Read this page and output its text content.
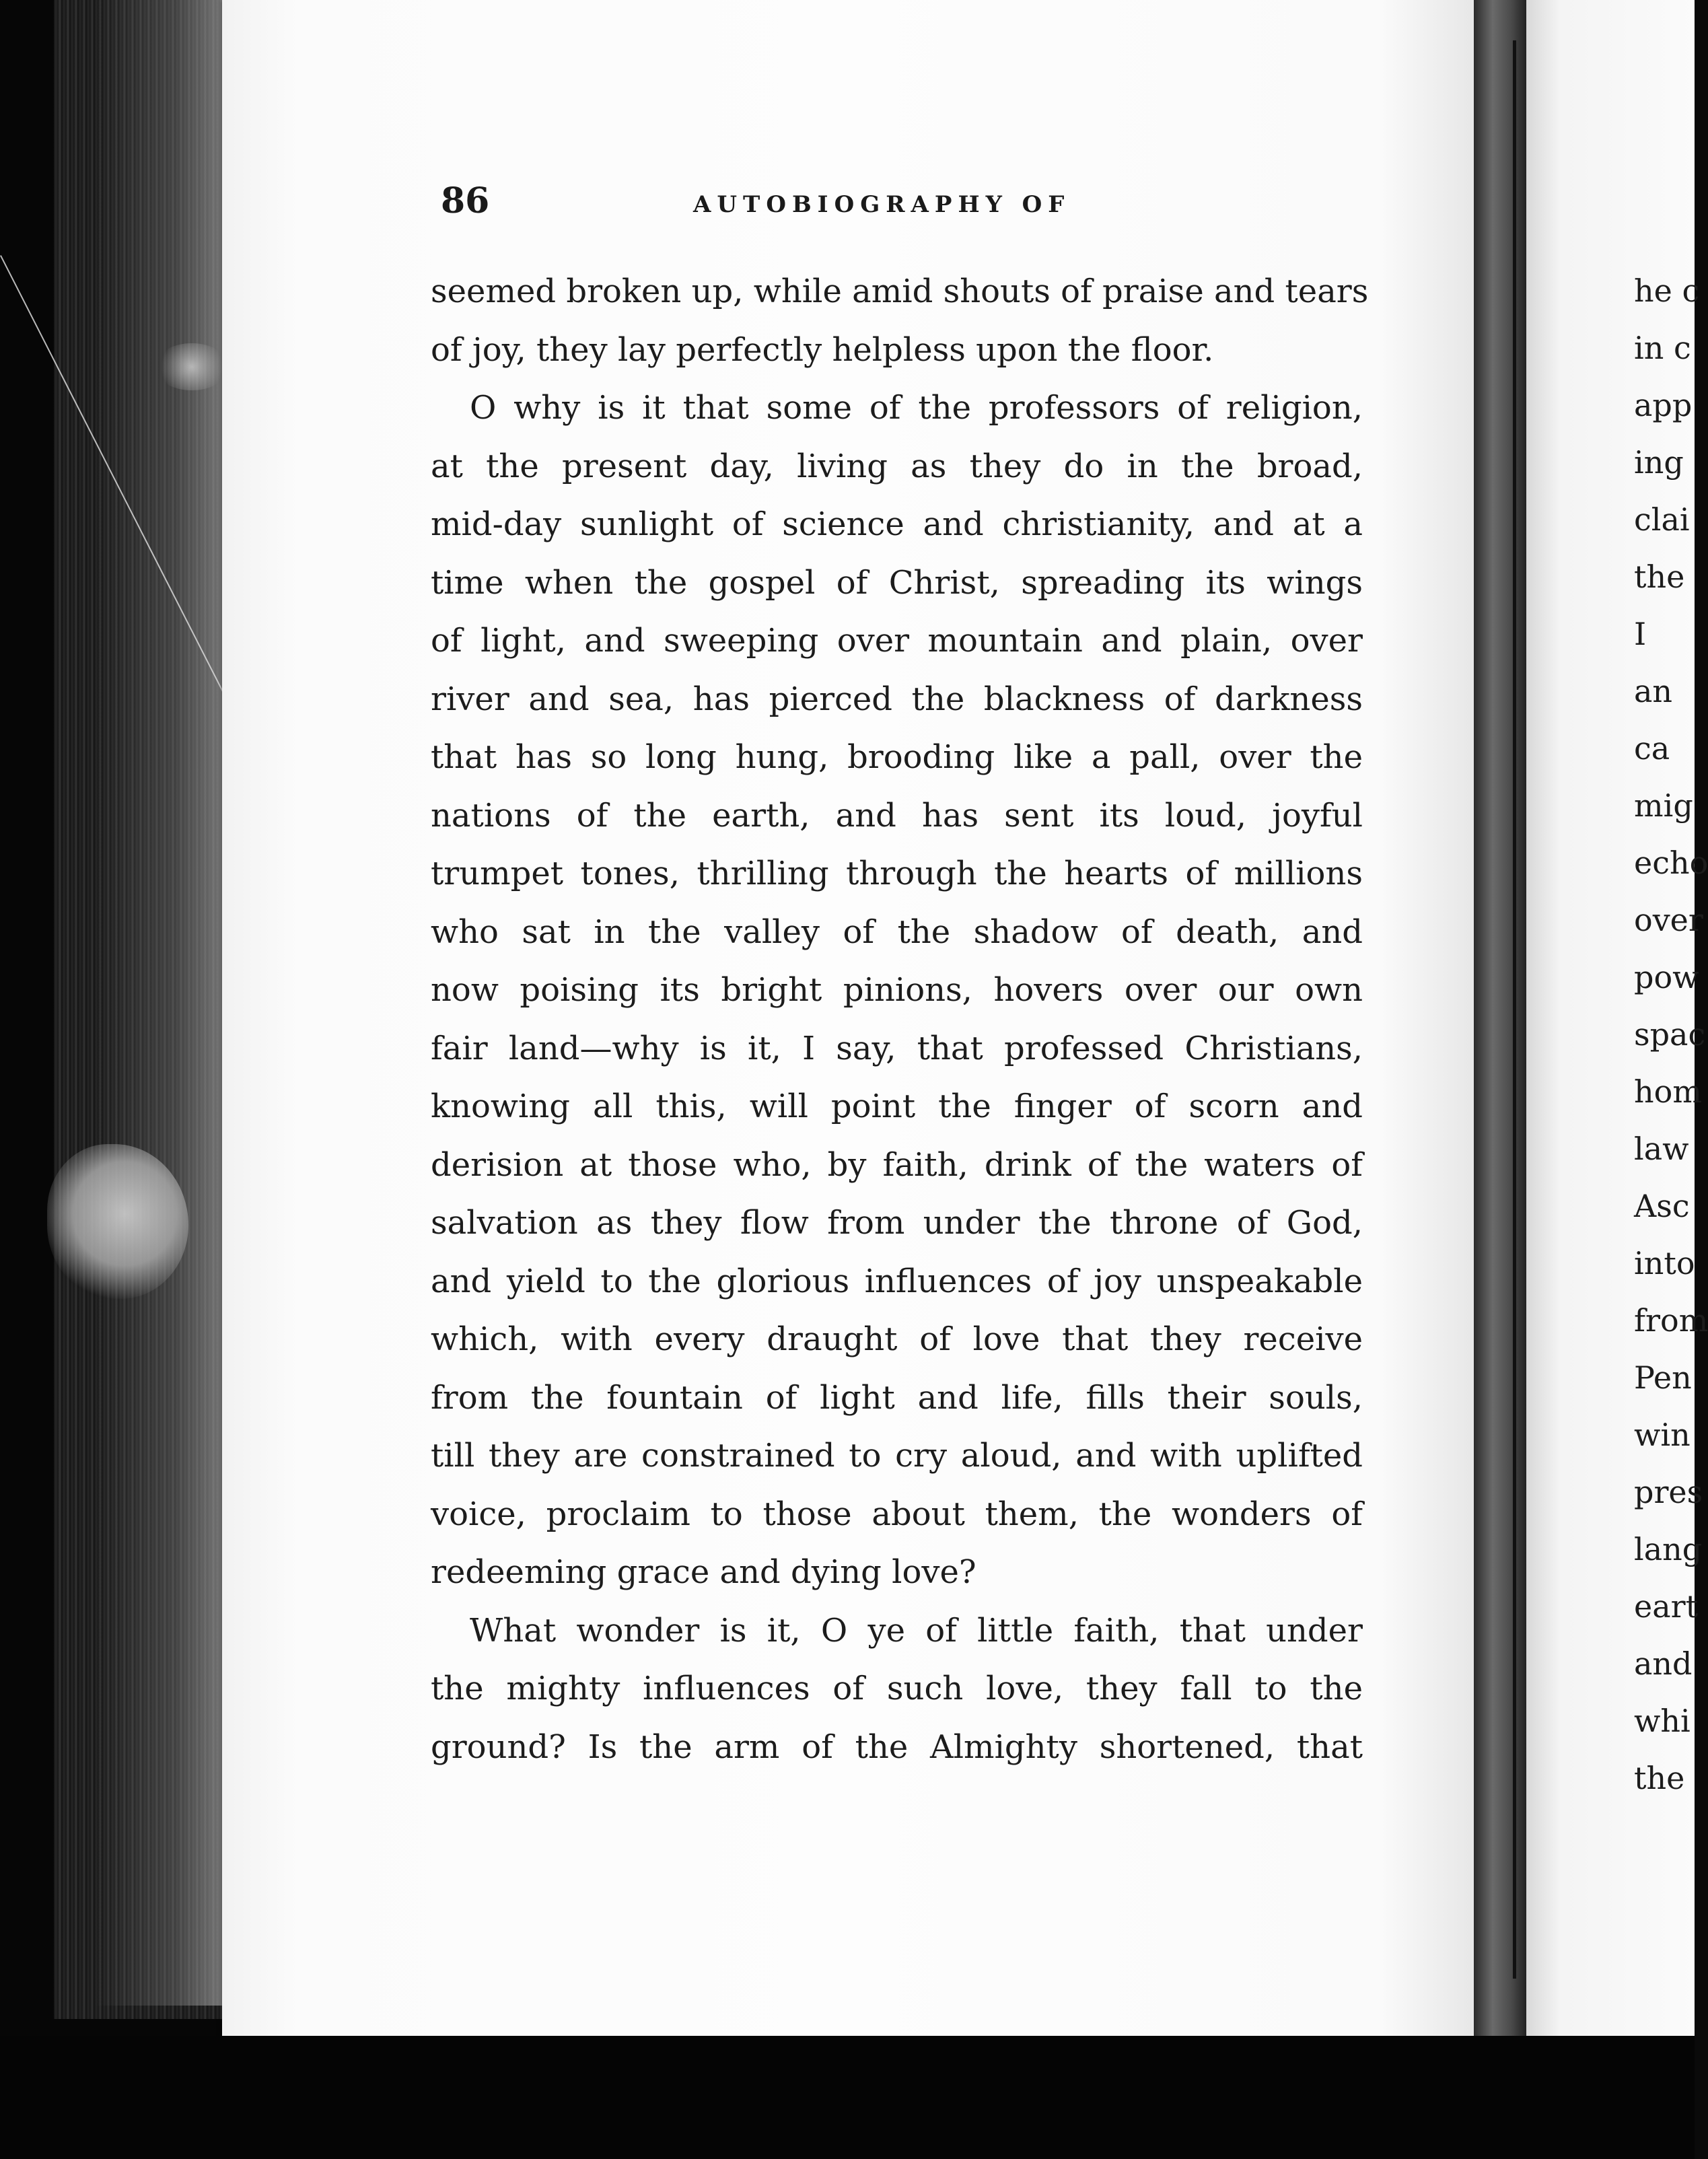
86	AUTOBIOGRAPHY OF
seemed broken up, while amid shouts of praise and tears
of joy, they lay perfectly helpless upon the floor.
O why is it that some of the professors of religion,
at the present day, living as they do in the broad,
mid-day sunlight of science and christianity, and at a
time when the gospel of Christ, spreading its wings
of light, and sweeping over mountain and plain, over
river and sea, has pierced the blackness of darkness
that has so long hung, brooding like a pall, over the
nations of the earth, and has sent its loud, joyful
trumpet tones, thrilling through the hearts of millions
who sat in the valley of the shadow of death, and
now poising its bright pinions, hovers over our own
fair land—why is it, I say, that professed Christians,
knowing all this, will point the finger of scorn and
derision at those who, by faith, drink of the waters of
salvation as they flow from under the throne of God,
and yield to the glorious influences of joy unspeakable
which, with every draught of love that they receive
from the fountain of light and life, fills their souls,
till they are constrained to cry aloud, and with uplifted
voice, proclaim to those about them, the wonders of
redeeming grace and dying love?
What wonder is it, O ye of little faith, that under
the mighty influences of such love, they fall to the
ground? Is the arm of the Almighty shortened, that
he c
in c
app
ing
clai
the
I
an
ca
mig
echo
over
pow
spac
hom
law
Asc
into
from
Pen
win
pres
lang
eart
and
whi
the
